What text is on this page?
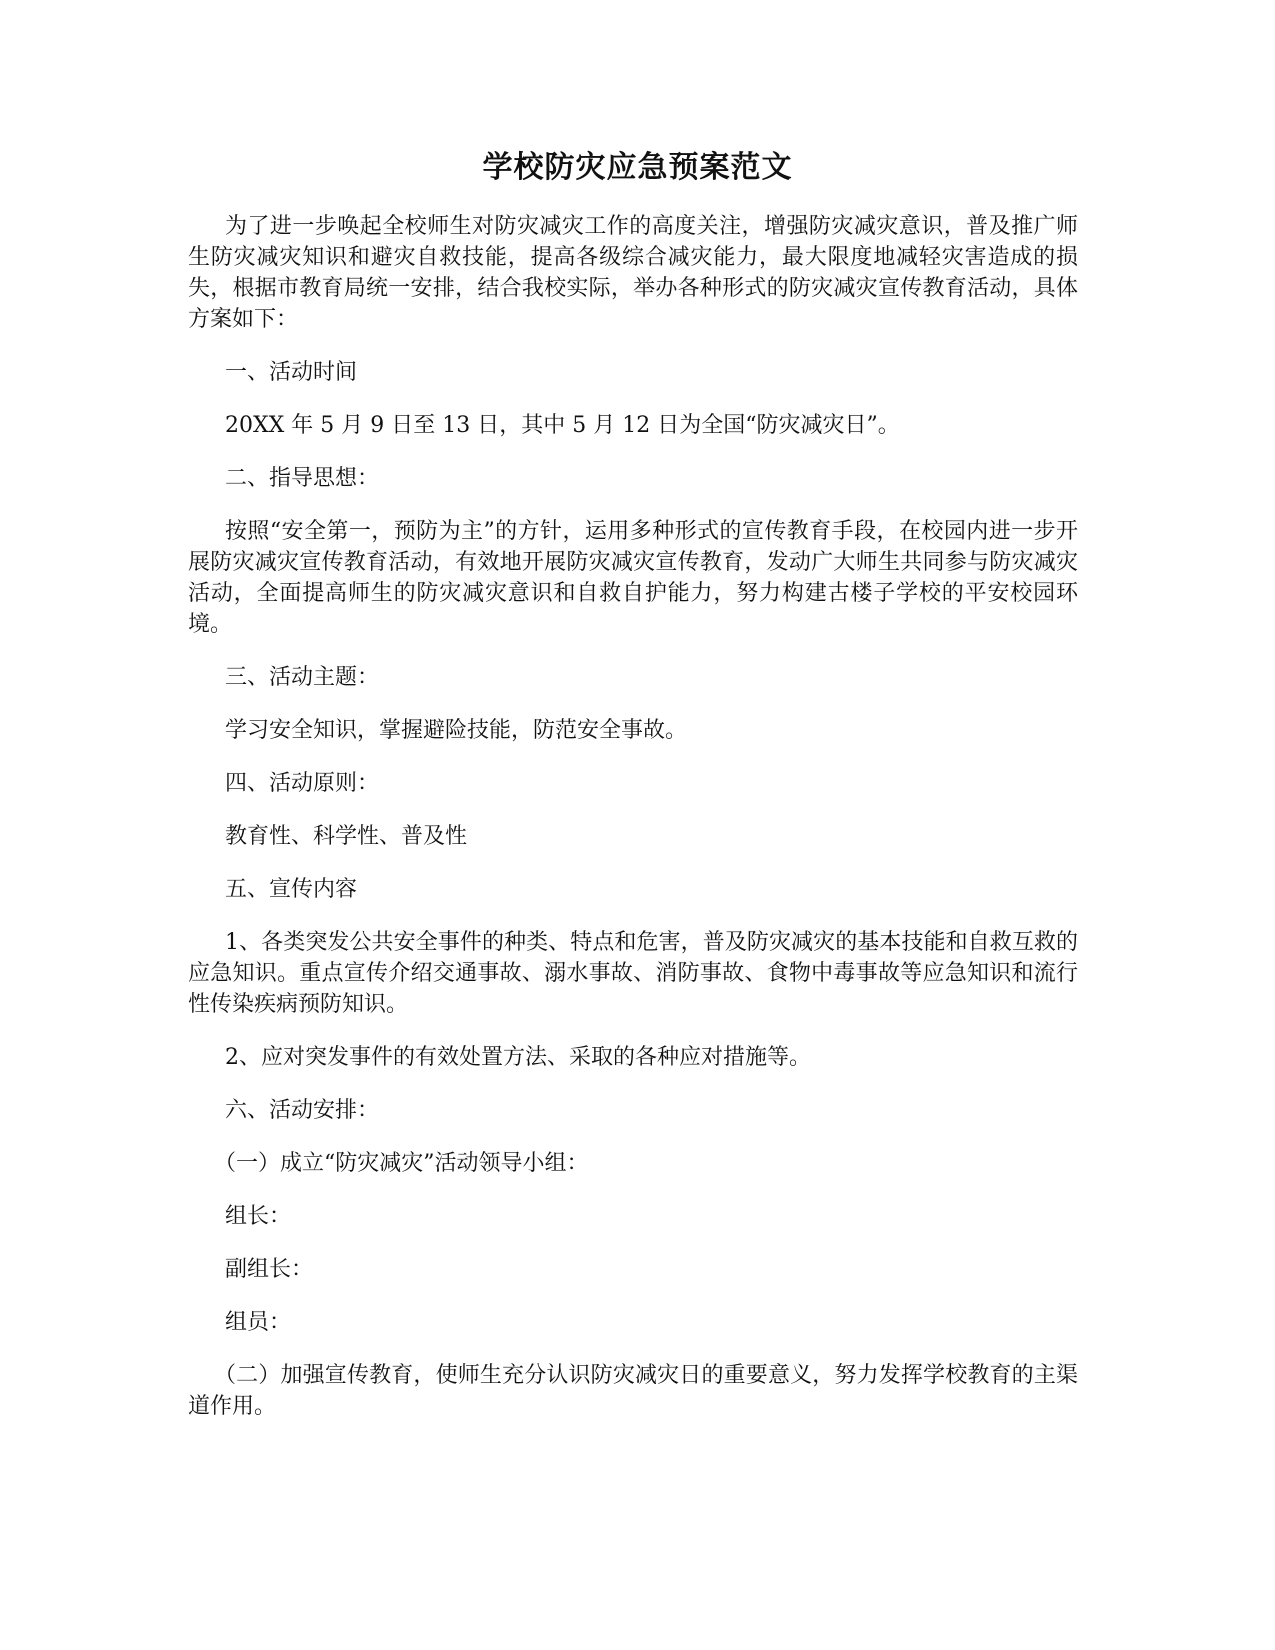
学校防灾应急预案范文

为了进一步唤起全校师生对防灾减灾工作的高度关注，增强防灾减灾意识，普及推广师生防灾减灾知识和避灾自救技能，提高各级综合减灾能力，最大限度地减轻灾害造成的损失，根据市教育局统一安排，结合我校实际，举办各种形式的防灾减灾宣传教育活动，具体方案如下：

一、活动时间

20XX 年 5 月 9 日至 13 日，其中 5 月 12 日为全国“防灾减灾日”。

二、指导思想：

按照“安全第一，预防为主”的方针，运用多种形式的宣传教育手段，在校园内进一步开展防灾减灾宣传教育活动，有效地开展防灾减灾宣传教育，发动广大师生共同参与防灾减灾活动，全面提高师生的防灾减灾意识和自救自护能力，努力构建古楼子学校的平安校园环境。

三、活动主题：

学习安全知识，掌握避险技能，防范安全事故。

四、活动原则：

教育性、科学性、普及性

五、宣传内容

1、各类突发公共安全事件的种类、特点和危害，普及防灾减灾的基本技能和自救互救的应急知识。重点宣传介绍交通事故、溺水事故、消防事故、食物中毒事故等应急知识和流行性传染疾病预防知识。

2、应对突发事件的有效处置方法、采取的各种应对措施等。

六、活动安排：

（一）成立“防灾减灾”活动领导小组：

组长：

副组长：

组员：

（二）加强宣传教育，使师生充分认识防灾减灾日的重要意义，努力发挥学校教育的主渠道作用。
